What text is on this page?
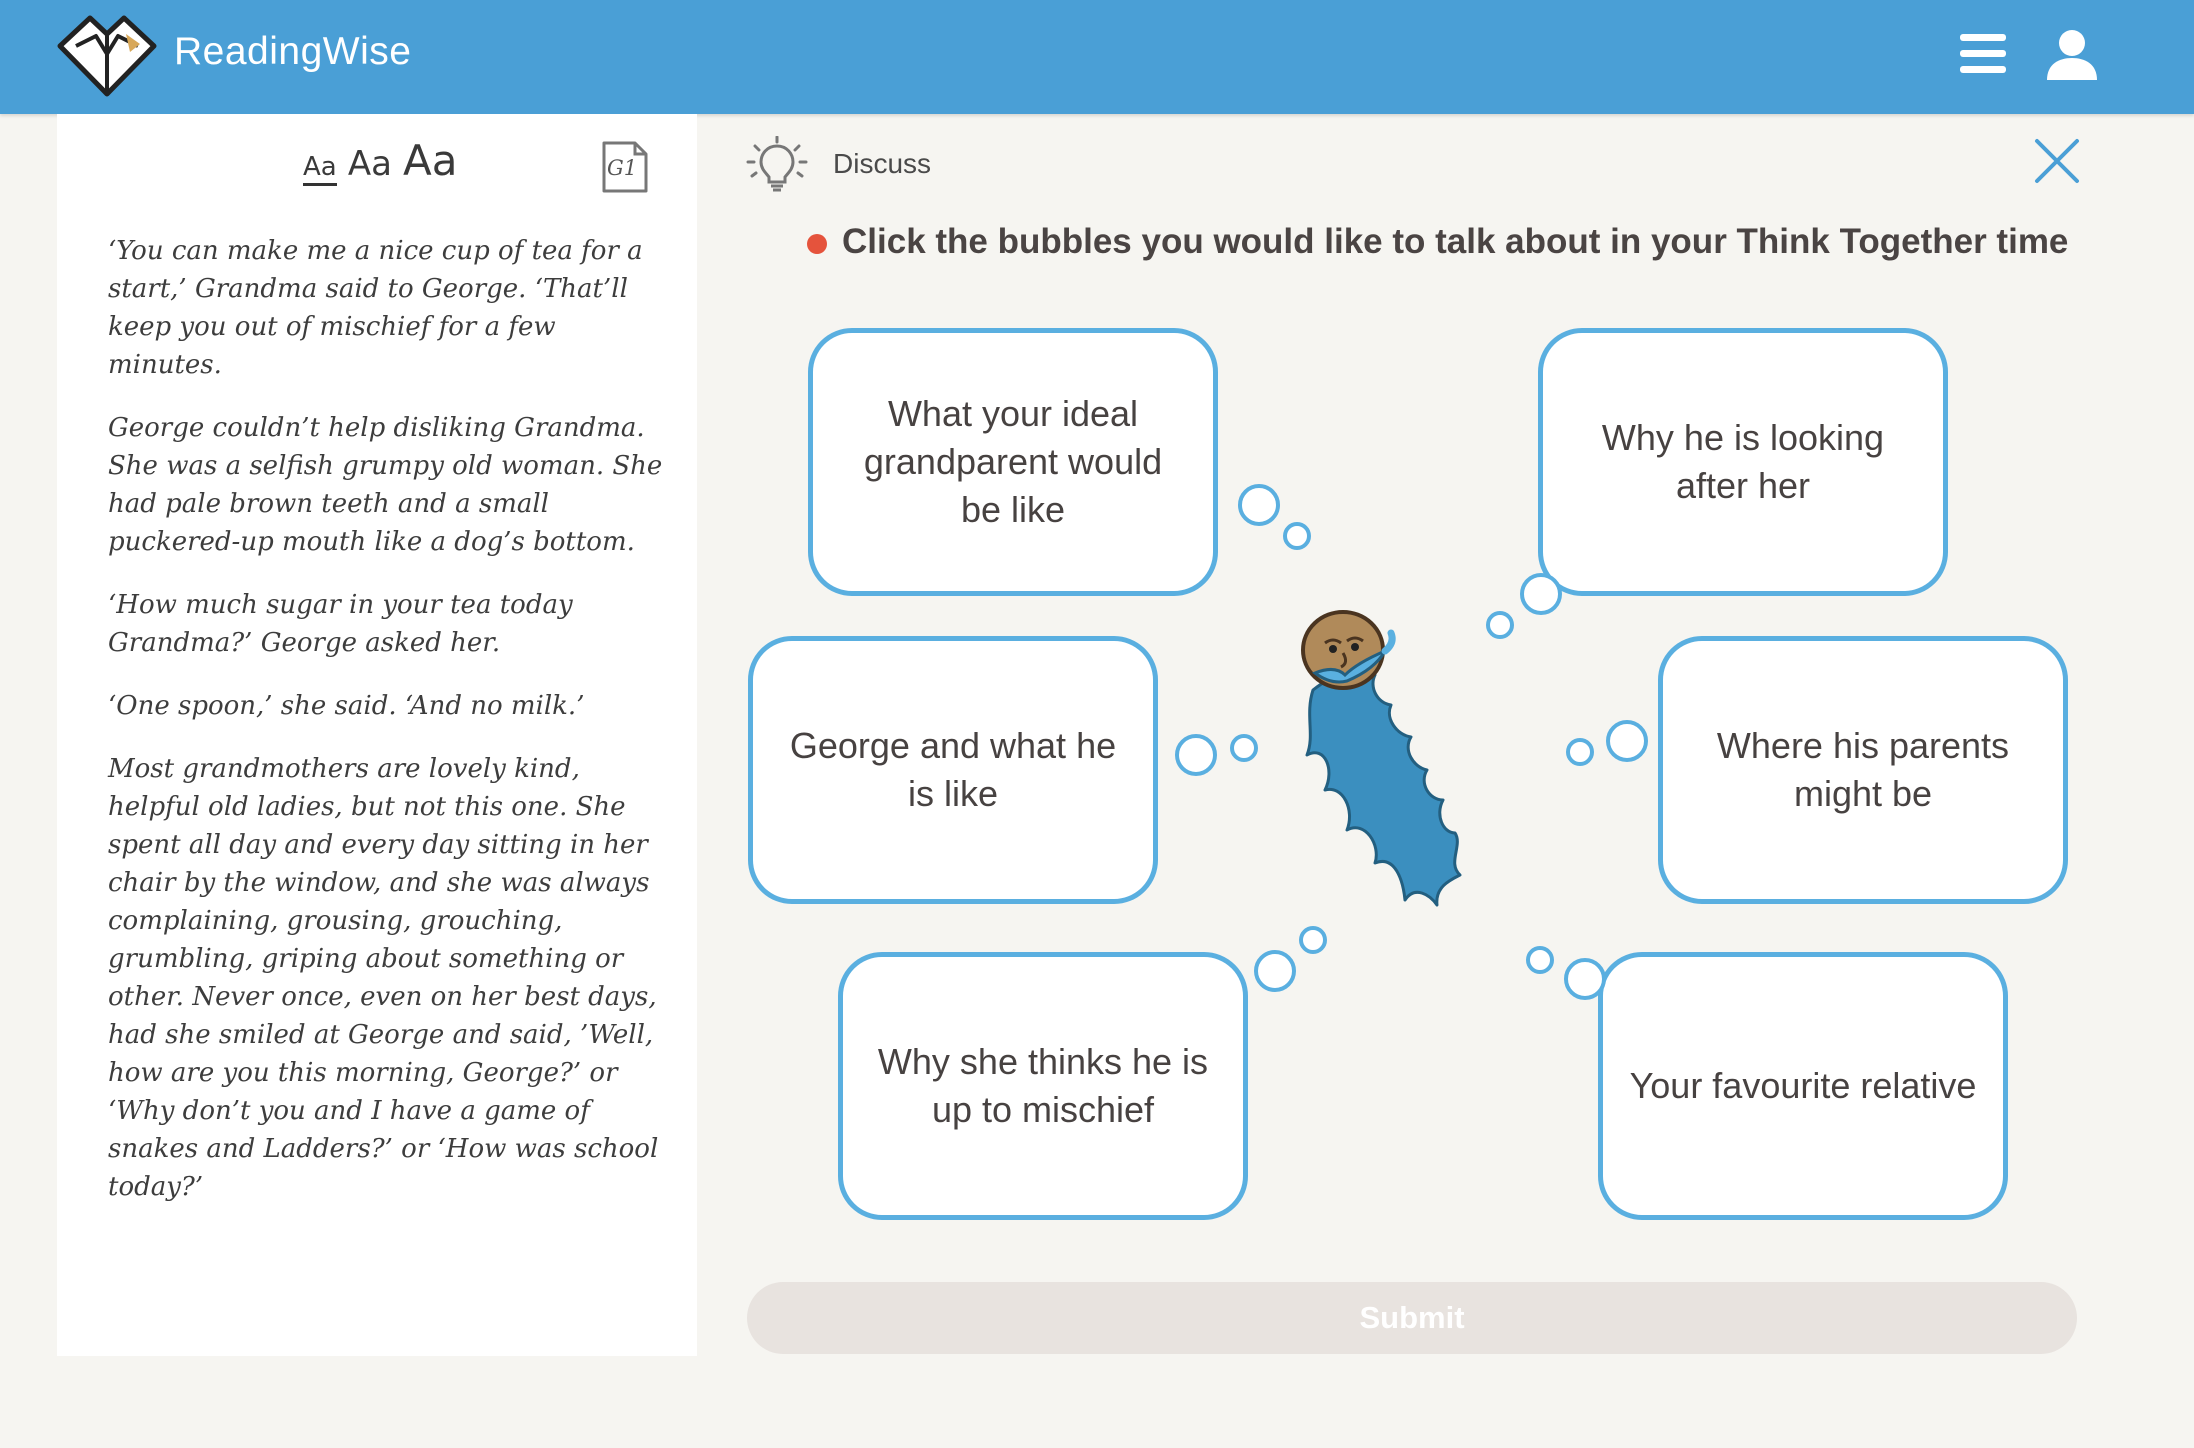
ReadingWise
Aa Aa Aa	G1

‘You can make me a nice cup of tea for a start,’ Grandma said to George. ‘That’ll keep you out of mischief for a few minutes.

George couldn’t help disliking Grandma. She was a selfish grumpy old woman. She had pale brown teeth and a small puckered-up mouth like a dog’s bottom.

‘How much sugar in your tea today Grandma?’ George asked her.

‘One spoon,’ she said. ‘And no milk.’

Most grandmothers are lovely kind, helpful old ladies, but not this one. She spent all day and every day sitting in her chair by the window, and she was always complaining, grousing, grouching, grumbling, griping about something or other. Never once, even on her best days, had she smiled at George and said, ’Well, how are you this morning, George?’ or ‘Why don’t you and I have a game of snakes and Ladders?’ or ‘How was school today?’

Discuss
Click the bubbles you would like to talk about in your Think Together time
What your ideal grandparent would be like
Why he is looking after her
George and what he is like
Where his parents might be
Why she thinks he is up to mischief
Your favourite relative
Submit
